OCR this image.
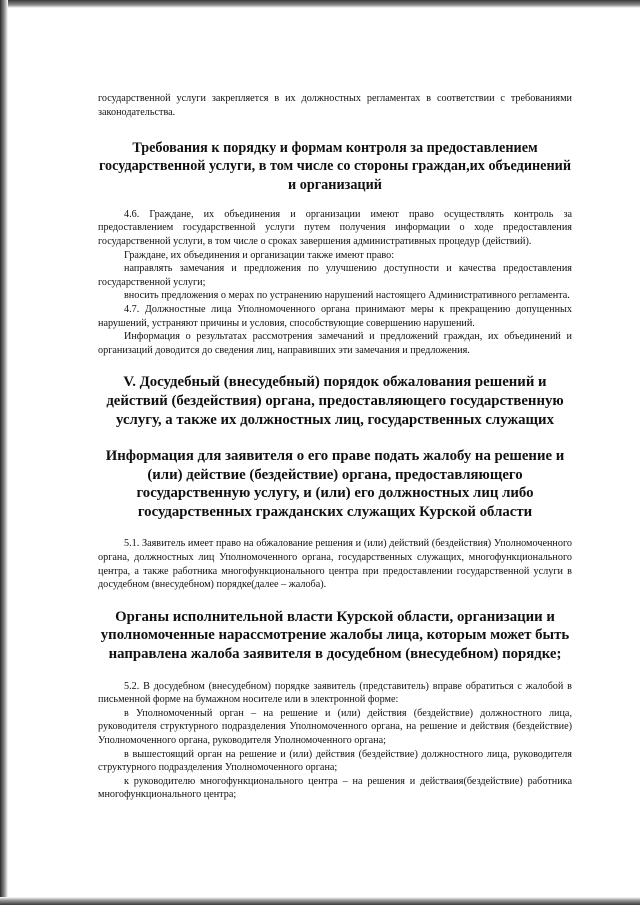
государственной услуги закрепляется в их должностных регламентах в соответствии с требованиями законодательства.

Требования к порядку и формам контроля за предоставлением государственной услуги, в том числе со стороны граждан,их объединений и организаций

4.6. Граждане, их объединения и организации имеют право осуществлять контроль за предоставлением государственной услуги путем получения информации о ходе предоставления государственной услуги, в том числе о сроках завершения административных процедур (действий).

Граждане, их объединения и организации также имеют право:

направлять замечания и предложения по улучшению доступности и качества предоставления государственной услуги;

вносить предложения о мерах по устранению нарушений настоящего Административного регламента.

4.7. Должностные лица Уполномоченного органа принимают меры к прекращению допущенных нарушений, устраняют причины и условия, способствующие совершению нарушений.

Информация о результатах рассмотрения замечаний и предложений граждан, их объединений и организаций доводится до сведения лиц, направивших эти замечания и предложения.

V. Досудебный (внесудебный) порядок обжалования решений и действий (бездействия) органа, предоставляющего государственную услугу, а также их должностных лиц, государственных служащих

Информация для заявителя о его праве подать жалобу на решение и (или) действие (бездействие) органа, предоставляющего государственную услугу, и (или) его должностных лиц либо государственных гражданских служащих Курской области

5.1. Заявитель имеет право на обжалование решения и (или) действий (бездействия) Уполномоченного органа, должностных лиц Уполномоченного органа, государственных служащих, многофункционального центра, а также работника многофункционального центра при предоставлении государственной услуги в досудебном (внесудебном) порядке(далее – жалоба).

Органы исполнительной власти Курской области, организации и уполномоченные нарассмотрение жалобы лица, которым может быть направлена жалоба заявителя в досудебном (внесудебном) порядке;

5.2. В досудебном (внесудебном) порядке заявитель (представитель) вправе обратиться с жалобой в письменной форме на бумажном носителе или в электронной форме:

в Уполномоченный орган – на решение и (или) действия (бездействие) должностного лица, руководителя структурного подразделения Уполномоченного органа, на решение и действия (бездействие) Уполномоченного органа, руководителя Уполномоченного органа;

в вышестоящий орган на решение и (или) действия (бездействие) должностного лица, руководителя структурного подразделения Уполномоченного органа;

к руководителю многофункционального центра – на решения и действаия(бездействие) работника многофункционального центра;
